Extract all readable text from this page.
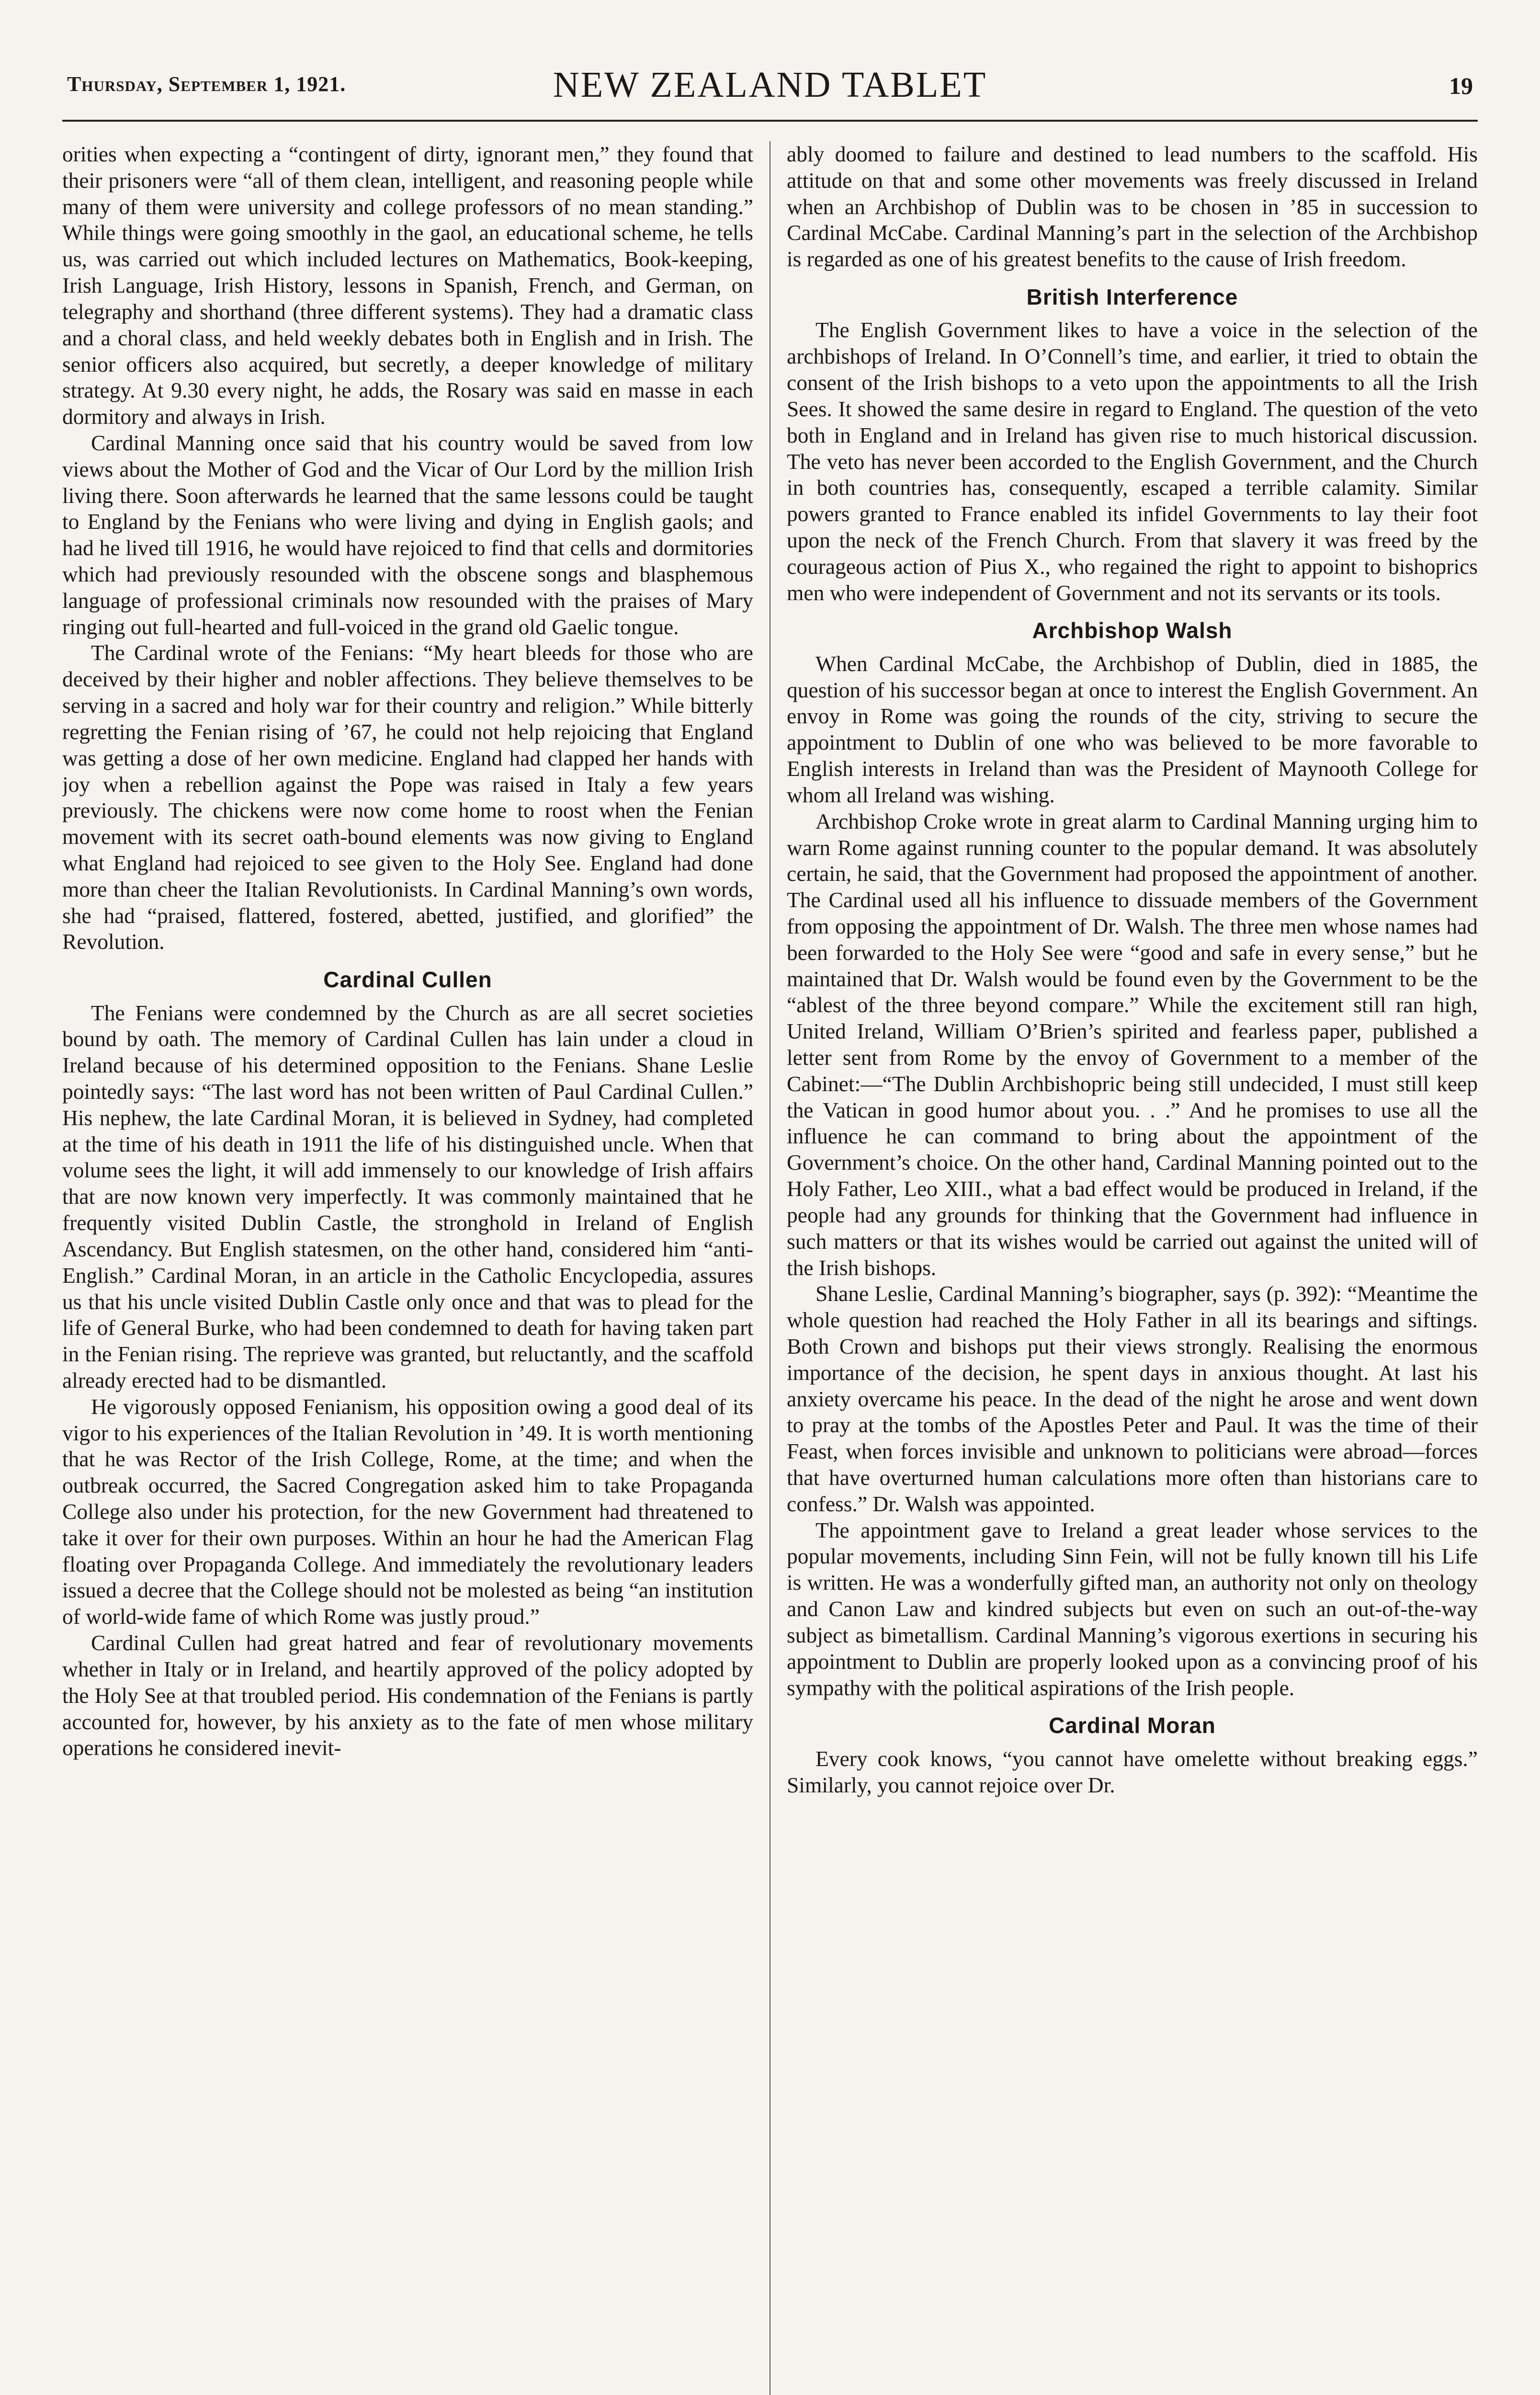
Thursday, September 1, 1921.	NEW ZEALAND TABLET	19

orities when expecting a “contingent of dirty, ignorant men,” they found that their prisoners were “all of them clean, intelligent, and reasoning people while many of them were university and college professors of no mean standing.” While things were going smoothly in the gaol, an educational scheme, he tells us, was carried out which included lectures on Mathematics, Book-keeping, Irish Language, Irish History, lessons in Spanish, French, and German, on telegraphy and shorthand (three different systems). They had a dramatic class and a choral class, and held weekly debates both in English and in Irish. The senior officers also acquired, but secretly, a deeper knowledge of military strategy. At 9.30 every night, he adds, the Rosary was said en masse in each dormitory and always in Irish.

Cardinal Manning once said that his country would be saved from low views about the Mother of God and the Vicar of Our Lord by the million Irish living there. Soon afterwards he learned that the same lessons could be taught to England by the Fenians who were living and dying in English gaols; and had he lived till 1916, he would have rejoiced to find that cells and dormitories which had previously resounded with the obscene songs and blasphemous language of professional criminals now resounded with the praises of Mary ringing out full-hearted and full-voiced in the grand old Gaelic tongue.

The Cardinal wrote of the Fenians: “My heart bleeds for those who are deceived by their higher and nobler affections. They believe themselves to be serving in a sacred and holy war for their country and religion.” While bitterly regretting the Fenian rising of ’67, he could not help rejoicing that England was getting a dose of her own medicine. England had clapped her hands with joy when a rebellion against the Pope was raised in Italy a few years previously. The chickens were now come home to roost when the Fenian movement with its secret oath-bound elements was now giving to England what England had rejoiced to see given to the Holy See. England had done more than cheer the Italian Revolutionists. In Cardinal Manning’s own words, she had “praised, flattered, fostered, abetted, justified, and glorified” the Revolution.

Cardinal Cullen

The Fenians were condemned by the Church as are all secret societies bound by oath. The memory of Cardinal Cullen has lain under a cloud in Ireland because of his determined opposition to the Fenians. Shane Leslie pointedly says: “The last word has not been written of Paul Cardinal Cullen.” His nephew, the late Cardinal Moran, it is believed in Sydney, had completed at the time of his death in 1911 the life of his distinguished uncle. When that volume sees the light, it will add immensely to our knowledge of Irish affairs that are now known very imperfectly. It was commonly maintained that he frequently visited Dublin Castle, the stronghold in Ireland of English Ascendancy. But English statesmen, on the other hand, considered him “anti-English.” Cardinal Moran, in an article in the Catholic Encyclopedia, assures us that his uncle visited Dublin Castle only once and that was to plead for the life of General Burke, who had been condemned to death for having taken part in the Fenian rising. The reprieve was granted, but reluctantly, and the scaffold already erected had to be dismantled.

He vigorously opposed Fenianism, his opposition owing a good deal of its vigor to his experiences of the Italian Revolution in ’49. It is worth mentioning that he was Rector of the Irish College, Rome, at the time; and when the outbreak occurred, the Sacred Congregation asked him to take Propaganda College also under his protection, for the new Government had threatened to take it over for their own purposes. Within an hour he had the American Flag floating over Propaganda College. And immediately the revolutionary leaders issued a decree that the College should not be molested as being “an institution of world-wide fame of which Rome was justly proud.”

Cardinal Cullen had great hatred and fear of revolutionary movements whether in Italy or in Ireland, and heartily approved of the policy adopted by the Holy See at that troubled period. His condemnation of the Fenians is partly accounted for, however, by his anxiety as to the fate of men whose military operations he considered inevit-

ably doomed to failure and destined to lead numbers to the scaffold. His attitude on that and some other movements was freely discussed in Ireland when an Archbishop of Dublin was to be chosen in ’85 in succession to Cardinal McCabe. Cardinal Manning’s part in the selection of the Archbishop is regarded as one of his greatest benefits to the cause of Irish freedom.

British Interference

The English Government likes to have a voice in the selection of the archbishops of Ireland. In O’Connell’s time, and earlier, it tried to obtain the consent of the Irish bishops to a veto upon the appointments to all the Irish Sees. It showed the same desire in regard to England. The question of the veto both in England and in Ireland has given rise to much historical discussion. The veto has never been accorded to the English Government, and the Church in both countries has, consequently, escaped a terrible calamity. Similar powers granted to France enabled its infidel Governments to lay their foot upon the neck of the French Church. From that slavery it was freed by the courageous action of Pius X., who regained the right to appoint to bishoprics men who were independent of Government and not its servants or its tools.

Archbishop Walsh

When Cardinal McCabe, the Archbishop of Dublin, died in 1885, the question of his successor began at once to interest the English Government. An envoy in Rome was going the rounds of the city, striving to secure the appointment to Dublin of one who was believed to be more favorable to English interests in Ireland than was the President of Maynooth College for whom all Ireland was wishing.

Archbishop Croke wrote in great alarm to Cardinal Manning urging him to warn Rome against running counter to the popular demand. It was absolutely certain, he said, that the Government had proposed the appointment of another. The Cardinal used all his influence to dissuade members of the Government from opposing the appointment of Dr. Walsh. The three men whose names had been forwarded to the Holy See were “good and safe in every sense,” but he maintained that Dr. Walsh would be found even by the Government to be the “ablest of the three beyond compare.” While the excitement still ran high, United Ireland, William O’Brien’s spirited and fearless paper, published a letter sent from Rome by the envoy of Government to a member of the Cabinet:—“The Dublin Archbishopric being still undecided, I must still keep the Vatican in good humor about you. . .” And he promises to use all the influence he can command to bring about the appointment of the Government’s choice. On the other hand, Cardinal Manning pointed out to the Holy Father, Leo XIII., what a bad effect would be produced in Ireland, if the people had any grounds for thinking that the Government had influence in such matters or that its wishes would be carried out against the united will of the Irish bishops.

Shane Leslie, Cardinal Manning’s biographer, says (p. 392): “Meantime the whole question had reached the Holy Father in all its bearings and siftings. Both Crown and bishops put their views strongly. Realising the enormous importance of the decision, he spent days in anxious thought. At last his anxiety overcame his peace. In the dead of the night he arose and went down to pray at the tombs of the Apostles Peter and Paul. It was the time of their Feast, when forces invisible and unknown to politicians were abroad—forces that have overturned human calculations more often than historians care to confess.” Dr. Walsh was appointed.

The appointment gave to Ireland a great leader whose services to the popular movements, including Sinn Fein, will not be fully known till his Life is written. He was a wonderfully gifted man, an authority not only on theology and Canon Law and kindred subjects but even on such an out-of-the-way subject as bimetallism. Cardinal Manning’s vigorous exertions in securing his appointment to Dublin are properly looked upon as a convincing proof of his sympathy with the political aspirations of the Irish people.

Cardinal Moran

Every cook knows, “you cannot have omelette without breaking eggs.” Similarly, you cannot rejoice over Dr.
